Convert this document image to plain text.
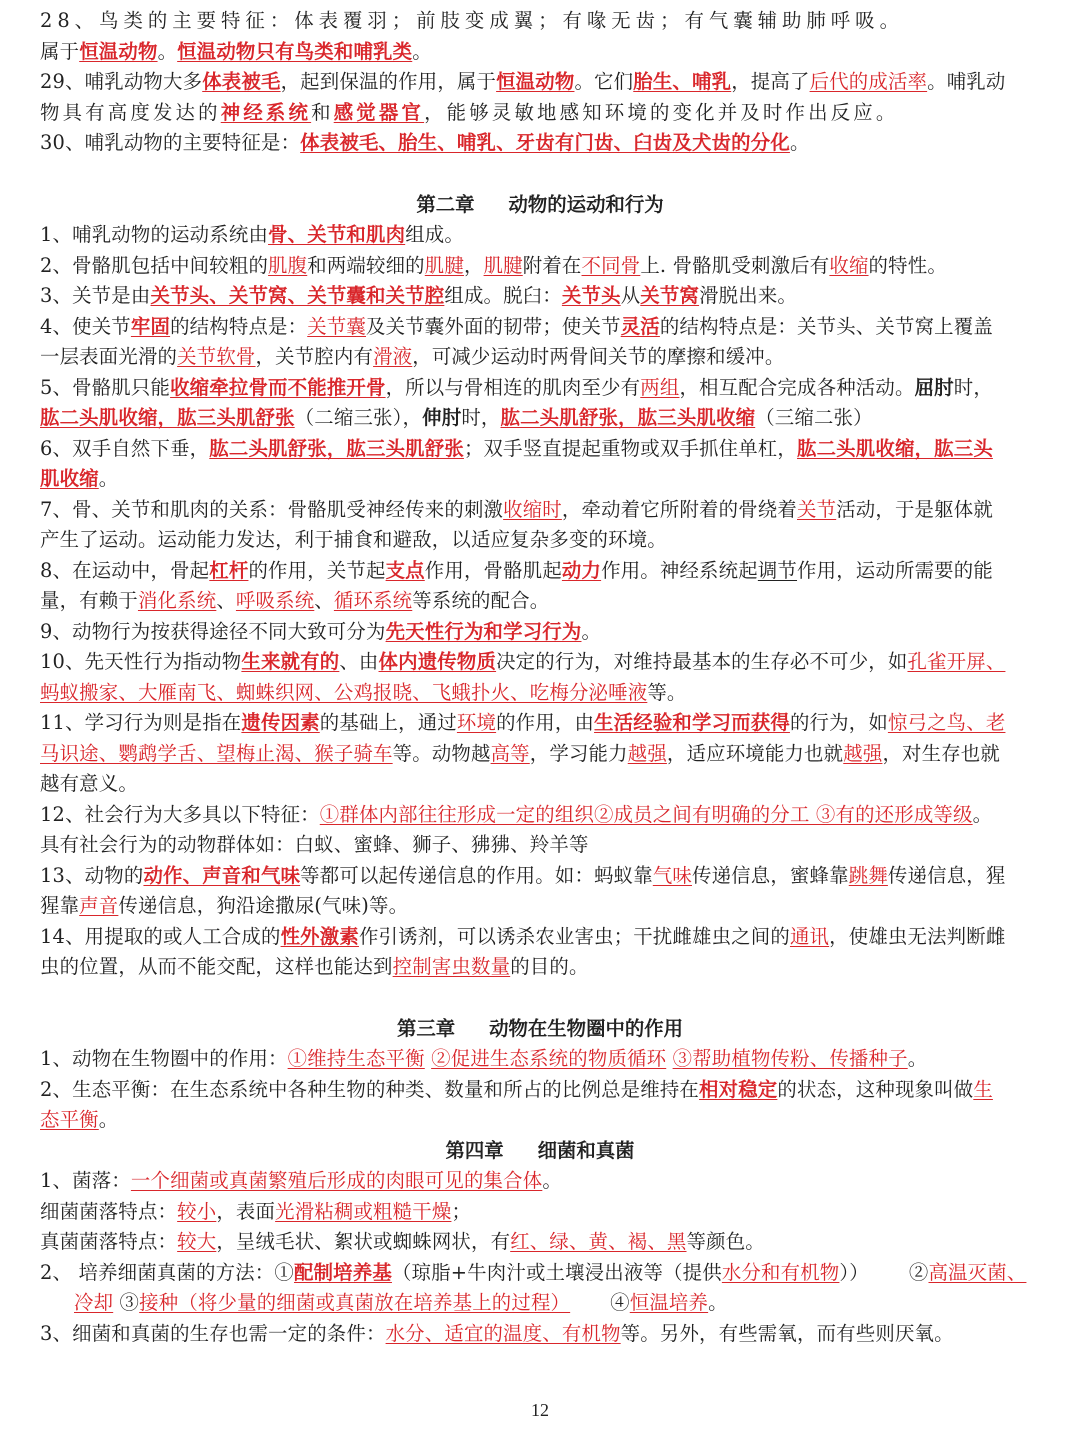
28、鸟类的主要特征：体表覆羽；前肢变成翼；有喙无齿；有气囊辅助肺呼吸。

属于恒温动物。恒温动物只有鸟类和哺乳类。

29、哺乳动物大多体表被毛，起到保温的作用，属于恒温动物。它们胎生、哺乳，提高了后代的成活率。哺乳动

物具有高度发达的神经系统和感觉器官，能够灵敏地感知环境的变化并及时作出反应。

30、哺乳动物的主要特征是：体表被毛、胎生、哺乳、牙齿有门齿、臼齿及犬齿的分化。

第二章 动物的运动和行为

1、哺乳动物的运动系统由骨、关节和肌肉组成。

2、骨骼肌包括中间较粗的肌腹和两端较细的肌腱，肌腱附着在不同骨上. 骨骼肌受刺激后有收缩的特性。

3、关节是由关节头、关节窝、关节囊和关节腔组成。脱臼：关节头从关节窝滑脱出来。

4、使关节牢固的结构特点是：关节囊及关节囊外面的韧带；使关节灵活的结构特点是：关节头、关节窝上覆盖

一层表面光滑的关节软骨，关节腔内有滑液，可减少运动时两骨间关节的摩擦和缓冲。

5、骨骼肌只能收缩牵拉骨而不能推开骨，所以与骨相连的肌肉至少有两组，相互配合完成各种活动。屈肘时，

肱二头肌收缩，肱三头肌舒张（二缩三张），伸肘时，肱二头肌舒张，肱三头肌收缩（三缩二张）

6、双手自然下垂，肱二头肌舒张，肱三头肌舒张；双手竖直提起重物或双手抓住单杠，肱二头肌收缩，肱三头

肌收缩。

7、骨、关节和肌肉的关系：骨骼肌受神经传来的刺激收缩时，牵动着它所附着的骨绕着关节活动，于是躯体就

产生了运动。运动能力发达，利于捕食和避敌，以适应复杂多变的环境。

8、在运动中，骨起杠杆的作用，关节起支点作用，骨骼肌起动力作用。神经系统起调节作用，运动所需要的能

量，有赖于消化系统、呼吸系统、循环系统等系统的配合。

9、动物行为按获得途径不同大致可分为先天性行为和学习行为。

10、先天性行为指动物生来就有的、由体内遗传物质决定的行为，对维持最基本的生存必不可少，如孔雀开屏、

蚂蚁搬家、大雁南飞、蜘蛛织网、公鸡报晓、飞蛾扑火、吃梅分泌唾液等。

11、学习行为则是指在遗传因素的基础上，通过环境的作用，由生活经验和学习而获得的行为，如惊弓之鸟、老

马识途、鹦鹉学舌、望梅止渴、猴子骑车等。动物越高等，学习能力越强，适应环境能力也就越强，对生存也就

越有意义。

12、社会行为大多具以下特征：①群体内部往往形成一定的组织②成员之间有明确的分工 ③有的还形成等级。

具有社会行为的动物群体如：白蚁、蜜蜂、狮子、狒狒、羚羊等

13、动物的动作、声音和气味等都可以起传递信息的作用。如：蚂蚁靠气味传递信息，蜜蜂靠跳舞传递信息，猩

猩靠声音传递信息，狗沿途撒尿(气味)等。

14、用提取的或人工合成的性外激素作引诱剂，可以诱杀农业害虫；干扰雌雄虫之间的通讯，使雄虫无法判断雌

虫的位置，从而不能交配，这样也能达到控制害虫数量的目的。

第三章 动物在生物圈中的作用

1、动物在生物圈中的作用：①维持生态平衡 ②促进生态系统的物质循环 ③帮助植物传粉、传播种子。

2、生态平衡：在生态系统中各种生物的种类、数量和所占的比例总是维持在相对稳定的状态，这种现象叫做生

态平衡。

第四章 细菌和真菌

1、菌落：一个细菌或真菌繁殖后形成的肉眼可见的集合体。

细菌菌落特点：较小，表面光滑粘稠或粗糙干燥；

真菌菌落特点：较大，呈绒毛状、絮状或蜘蛛网状，有红、绿、黄、褐、黑等颜色。

2、 培养细菌真菌的方法：①配制培养基（琼脂+牛肉汁或土壤浸出液等（提供水分和有机物）） ②高温灭菌、

冷却 ③接种（将少量的细菌或真菌放在培养基上的过程） ④恒温培养。

3、细菌和真菌的生存也需一定的条件：水分、适宜的温度、有机物等。另外，有些需氧，而有些则厌氧。

12
